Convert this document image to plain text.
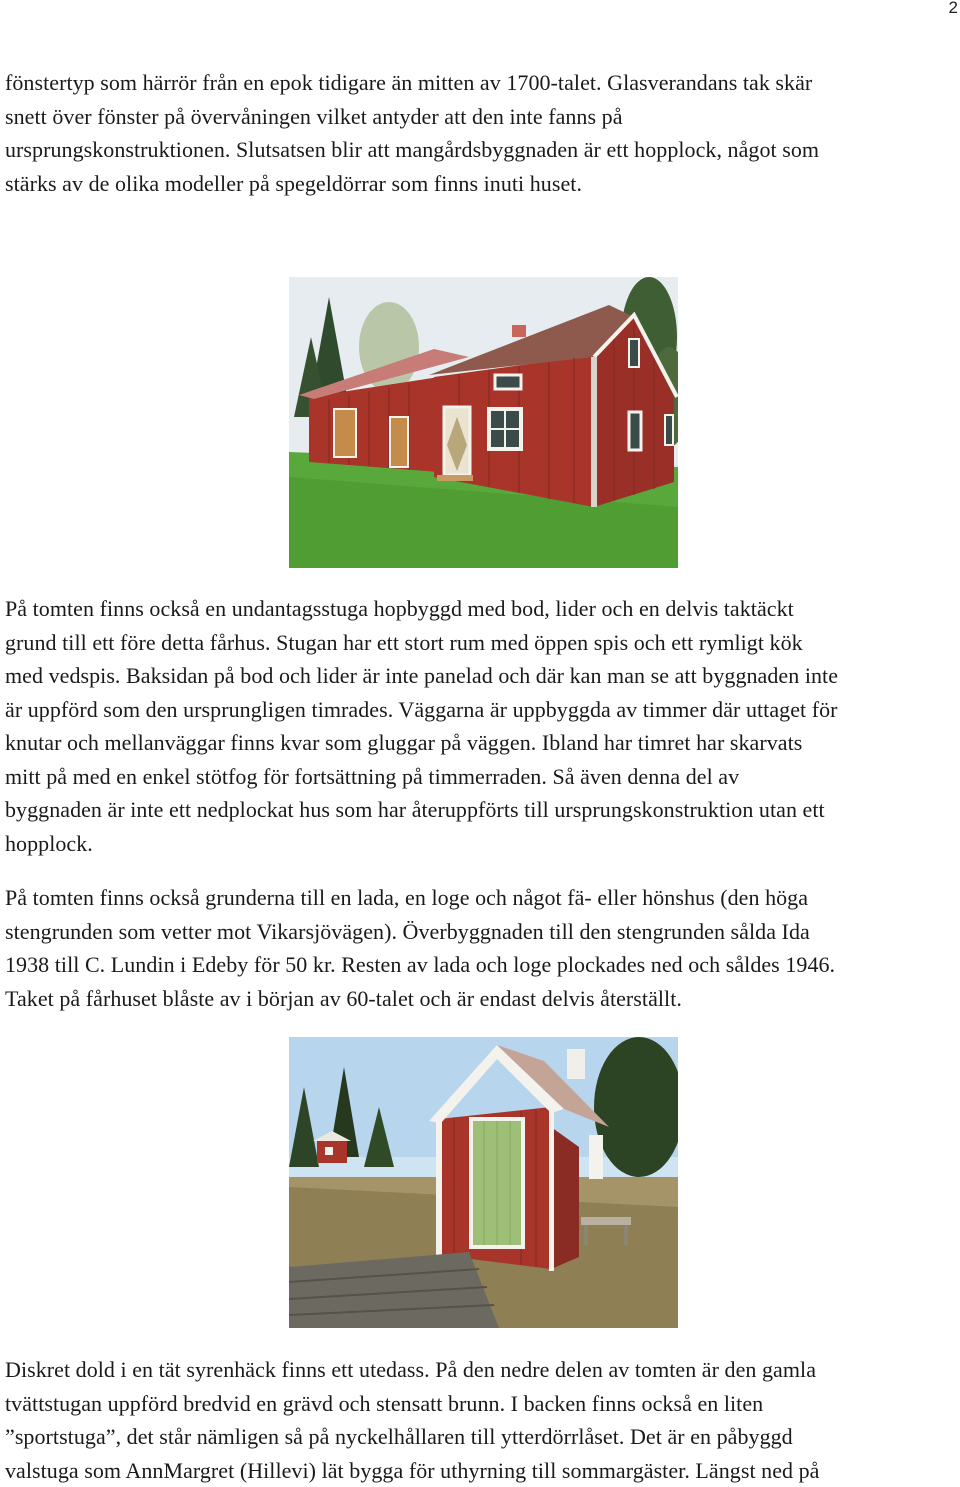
2

fönstertyp som härrör från en epok tidigare än mitten av 1700-talet. Glasverandans tak skär
snett över fönster på övervåningen vilket antyder att den inte fanns på
ursprungskonstruktionen. Slutsatsen blir att mangårdsbyggnaden är ett hopplock, något som
stärks av de olika modeller på spegeldörrar som finns inuti huset.

På tomten finns också en undantagsstuga hopbyggd med bod, lider och en delvis taktäckt
grund till ett före detta fårhus. Stugan har ett stort rum med öppen spis och ett rymligt kök
med vedspis. Baksidan på bod och lider är inte panelad och där kan man se att byggnaden inte
är uppförd som den ursprungligen timrades. Väggarna är uppbyggda av timmer där uttaget för
knutar och mellanväggar finns kvar som gluggar på väggen. Ibland har timret har skarvats
mitt på med en enkel stötfog för fortsättning på timmerraden. Så även denna del av
byggnaden är inte ett nedplockat hus som har återuppförts till ursprungskonstruktion utan ett
hopplock.

På tomten finns också grunderna till en lada, en loge och något fä- eller hönshus (den höga
stengrunden som vetter mot Vikarsjövägen). Överbyggnaden till den stengrunden sålda Ida
1938 till C. Lundin i Edeby för 50 kr. Resten av lada och loge plockades ned och såldes 1946.
Taket på fårhuset blåste av i början av 60-talet och är endast delvis återställt.

Diskret dold i en tät syrenhäck finns ett utedass. På den nedre delen av tomten är den gamla
tvättstugan uppförd bredvid en grävd och stensatt brunn. I backen finns också en liten
”sportstuga”, det står nämligen så på nyckelhållaren till ytterdörrlåset. Det är en påbyggd
valstuga som AnnMargret (Hillevi) lät bygga för uthyrning till sommargäster. Längst ned på
